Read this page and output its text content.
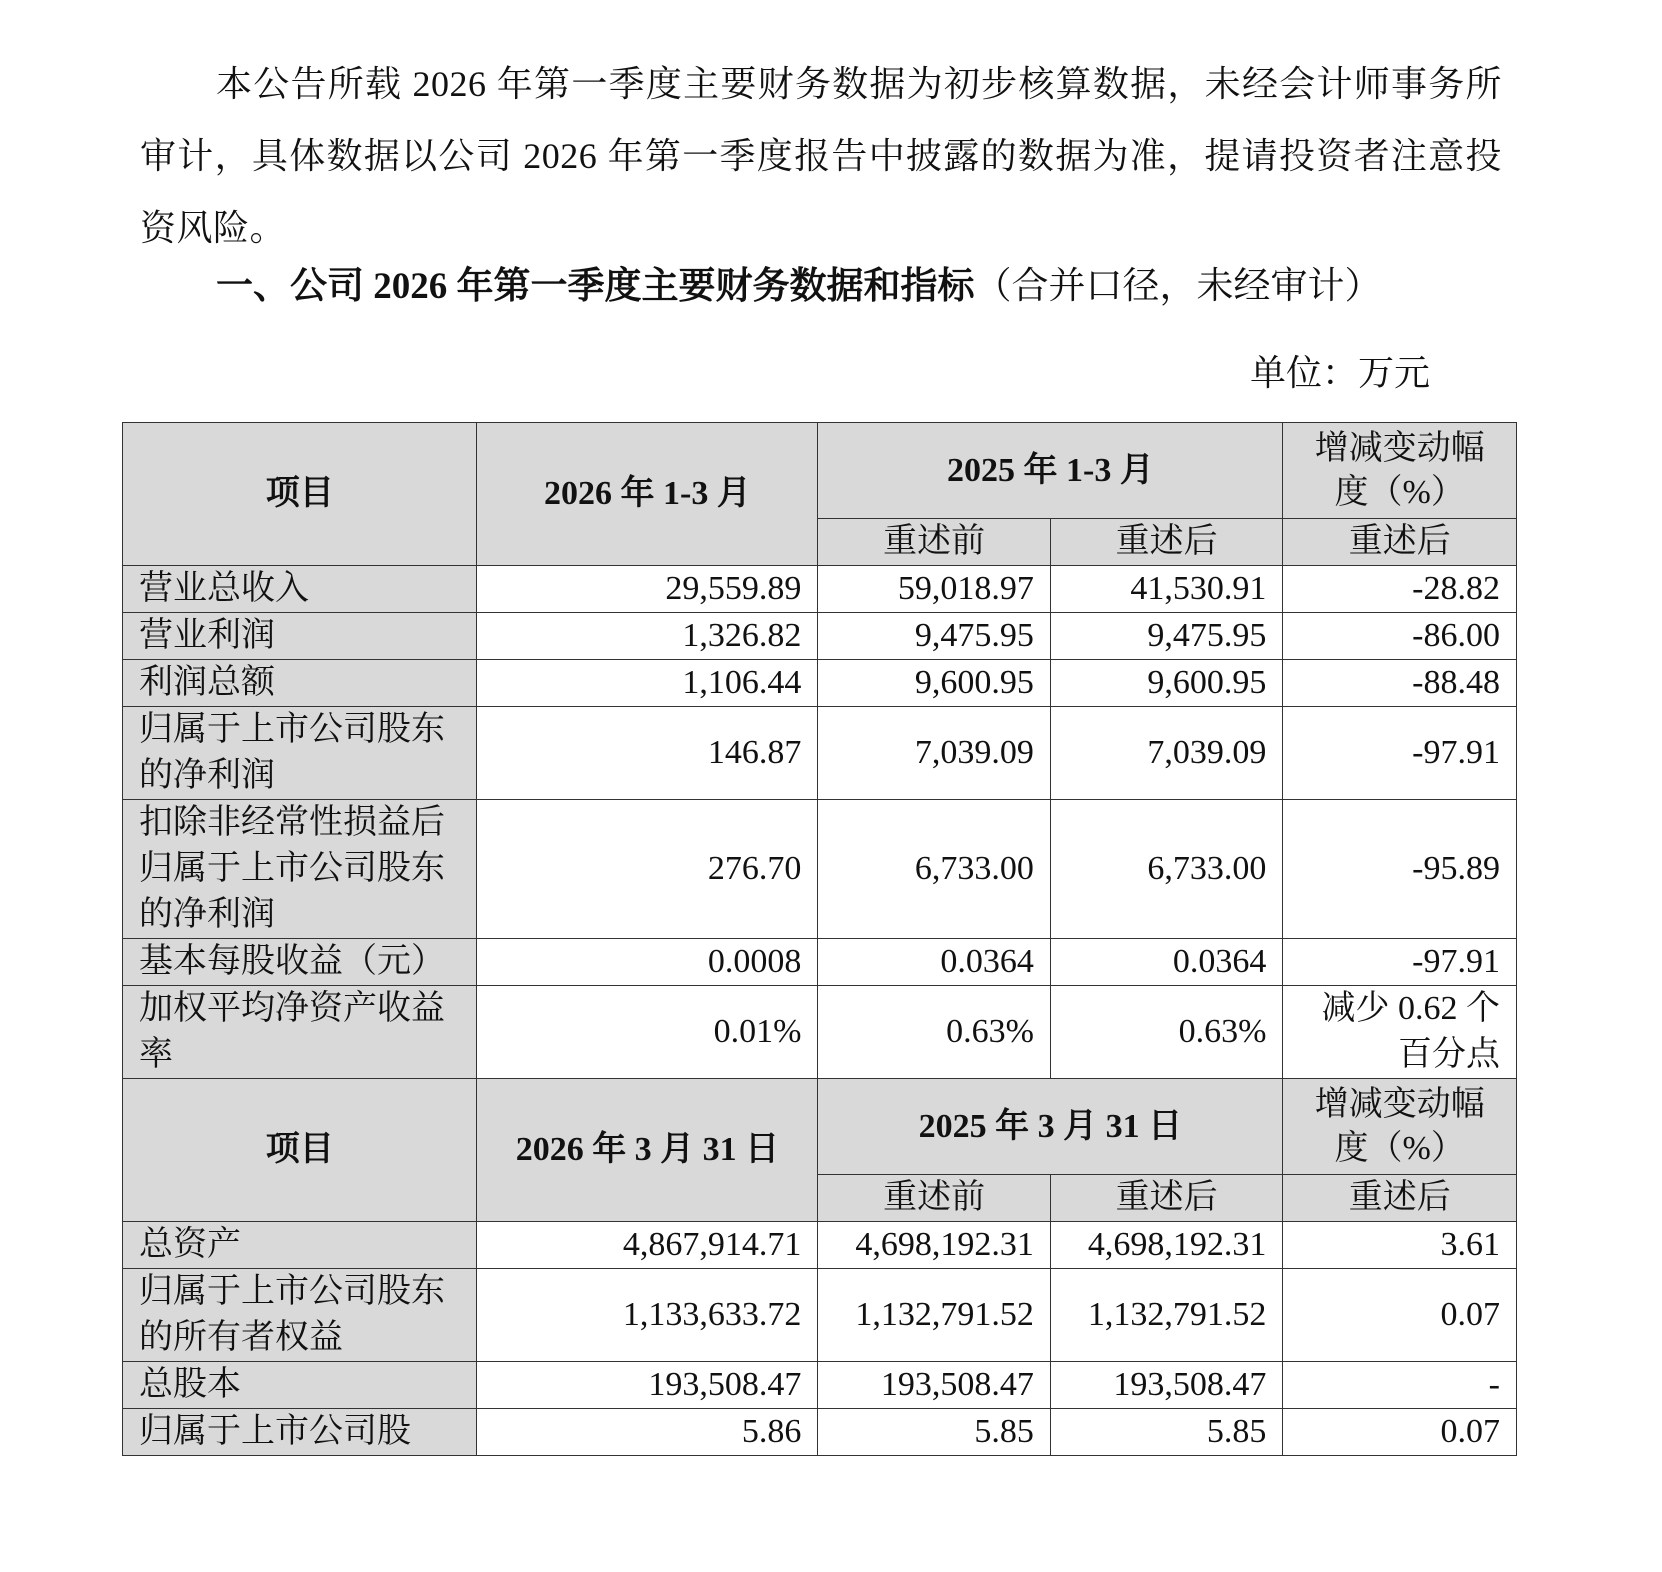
本公告所载 2026 年第一季度主要财务数据为初步核算数据，未经会计师事务所审计，具体数据以公司 2026 年第一季度报告中披露的数据为准，提请投资者注意投资风险。
一、公司 2026 年第一季度主要财务数据和指标（合并口径，未经审计）
单位：万元
项目	2026 年 1-3 月	2025 年 1-3 月		增减变动幅度（%）
		重述前	重述后	重述后
营业总收入	29,559.89	59,018.97	41,530.91	-28.82
营业利润	1,326.82	9,475.95	9,475.95	-86.00
利润总额	1,106.44	9,600.95	9,600.95	-88.48
归属于上市公司股东的净利润	146.87	7,039.09	7,039.09	-97.91
扣除非经常性损益后归属于上市公司股东的净利润	276.70	6,733.00	6,733.00	-95.89
基本每股收益（元）	0.0008	0.0364	0.0364	-97.91
加权平均净资产收益率	0.01%	0.63%	0.63%	减少 0.62 个百分点
项目	2026 年 3 月 31 日	2025 年 3 月 31 日		增减变动幅度（%）
		重述前	重述后	重述后
总资产	4,867,914.71	4,698,192.31	4,698,192.31	3.61
归属于上市公司股东的所有者权益	1,133,633.72	1,132,791.52	1,132,791.52	0.07
总股本	193,508.47	193,508.47	193,508.47	-
归属于上市公司股	5.86	5.85	5.85	0.07
